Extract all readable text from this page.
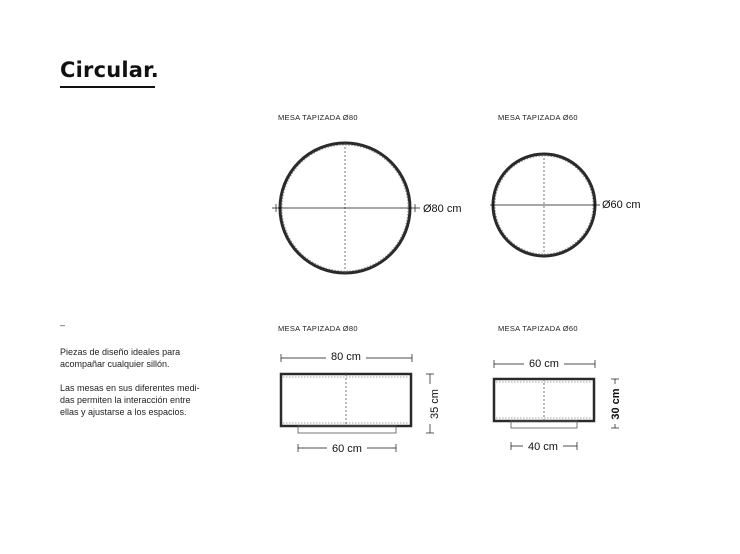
Circular.
MESA TAPIZADA Ø80	MESA TAPIZADA Ø60
MESA TAPIZADA Ø80	MESA TAPIZADA Ø60
–
Piezas de diseño ideales para acompañar cualquier sillón.
Las mesas en sus diferentes medi-das permiten la interacción entre ellas y ajustarse a los espacios.
Ø80 cm	Ø60 cm
80 cm
35 cm
60 cm
60 cm
30 cm
40 cm
